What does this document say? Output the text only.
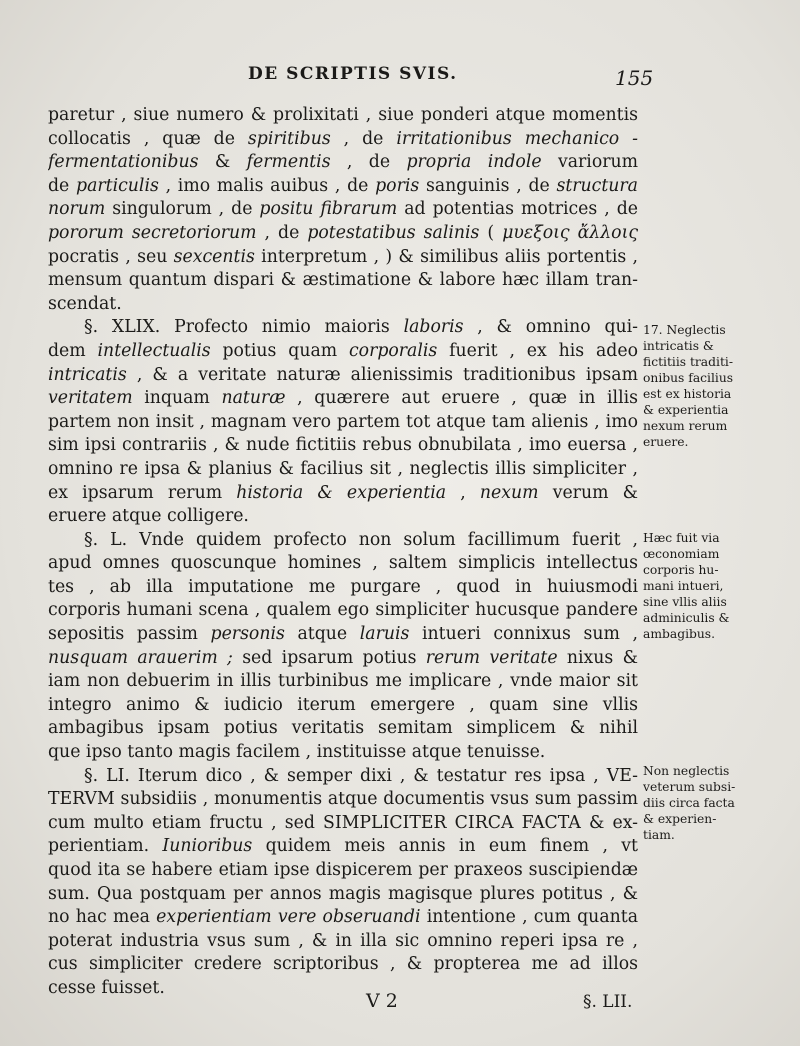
DE SCRIPTIS SVIS.	155
paretur , siue numero & prolixitati , siue ponderi atque momentis
collocatis , quæ de spiritibus , de irritationibus mechanico -
fermentationibus & fermentis , de propria indole variorum
de particulis , imo malis auibus , de poris sanguinis , de structura
norum singulorum , de positu fibrarum ad potentias motrices , de
pororum secretoriorum , de potestatibus salinis ( μυεξοις ἄλλοις
pocratis , seu sexcentis interpretum , ) & similibus aliis portentis ,
mensum quantum dispari & æstimatione & labore hæc illam tran-
scendat.
§. XLIX. Profecto nimio maioris laboris , & omnino qui-
dem intellectualis potius quam corporalis fuerit , ex his adeo
intricatis , & a veritate naturæ alienissimis traditionibus ipsam
veritatem inquam naturæ , quærere aut eruere , quæ in illis
partem non insit , magnam vero partem tot atque tam alienis , imo
sim ipsi contrariis , & nude fictitiis rebus obnubilata , imo euersa ,
omnino re ipsa & planius & facilius sit , neglectis illis simpliciter ,
ex ipsarum rerum historia & experientia , nexum verum &
eruere atque colligere.
§. L. Vnde quidem profecto non solum facillimum fuerit ,
apud omnes quoscunque homines , saltem simplicis intellectus
tes , ab illa imputatione me purgare , quod in huiusmodi
corporis humani scena , qualem ego simpliciter hucusque pandere
sepositis passim personis atque laruis intueri connixus sum ,
nusquam arauerim ; sed ipsarum potius rerum veritate nixus &
iam non debuerim in illis turbinibus me implicare , vnde maior sit
integro animo & iudicio iterum emergere , quam sine vllis
ambagibus ipsam potius veritatis semitam simplicem & nihil
que ipso tanto magis facilem , instituisse atque tenuisse.
§. LI. Iterum dico , & semper dixi , & testatur res ipsa , VE-
TERVM subsidiis , monumentis atque documentis vsus sum passim
cum multo etiam fructu , sed SIMPLICITER CIRCA FACTA & ex-
perientiam. Iunioribus quidem meis annis in eum finem , vt
quod ita se habere etiam ipse dispicerem per praxeos suscipiendæ
sum. Qua postquam per annos magis magisque plures potitus , &
no hac mea experientiam vere obseruandi intentione , cum quanta
poterat industria vsus sum , & in illa sic omnino reperi ipsa re ,
cus simpliciter credere scriptoribus , & propterea me ad illos
cesse fuisset.
17. Neglectis
intricatis &
fictitiis traditi-
onibus facilius
est ex historia
& experientia
nexum rerum
eruere.
Hæc fuit via
œconomiam
corporis hu-
mani intueri,
sine vllis aliis
adminiculis &
ambagibus.
Non neglectis
veterum subsi-
diis circa facta
& experien-
tiam.
V 2	§. LII.
